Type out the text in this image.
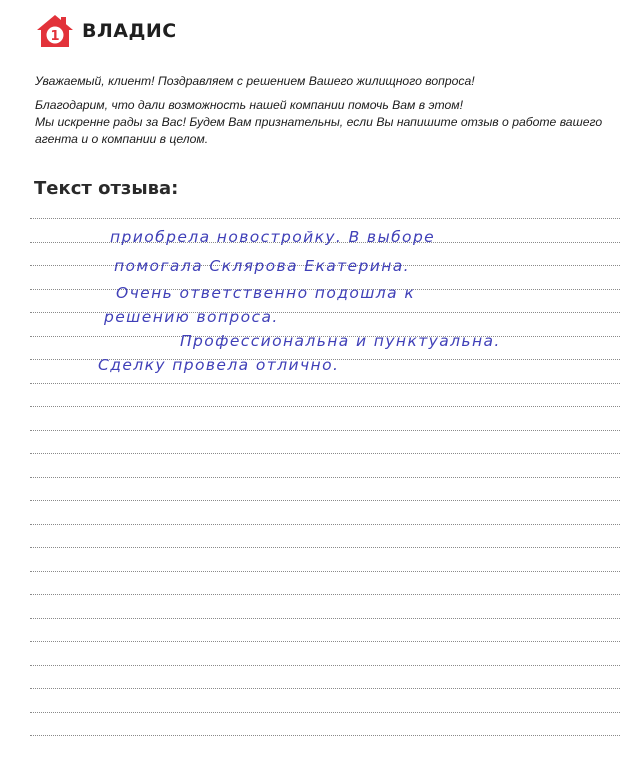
1 ВЛАДИС

Уважаемый, клиент! Поздравляем с решением Вашего жилищного вопроса!

Благодарим, что дали возможность нашей компании помочь Вам в этом!

Мы искренне рады за Вас! Будем Вам признательны, если Вы напишите отзыв о работе вашего агента и о компании в целом.

Текст отзыва:
приобрела новостройку. В выборе
помогала Склярова Екатерина.
Очень ответственно подошла к
решению вопроса.
Профессиональна и пунктуальна.
Сделку провела отлично.
